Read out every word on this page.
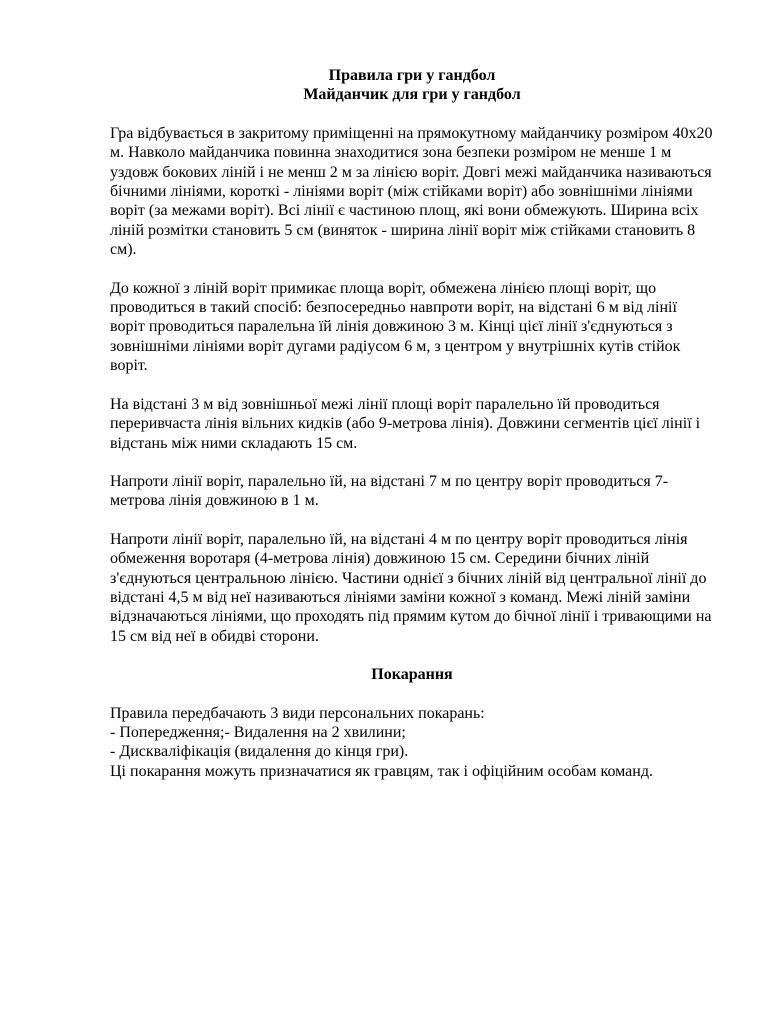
Правила гри у гандбол

Майданчик для гри у гандбол

Гра відбувається в закритому приміщенні на прямокутному майданчику розміром 40х20 м. Навколо майданчика повинна знаходитися зона безпеки розміром не менше 1 м уздовж бокових ліній і не менш 2 м за лінією воріт. Довгі межі майданчика називаються бічними лініями, короткі - лініями воріт (між стійками воріт) або зовнішніми лініями воріт (за межами воріт). Всі лінії є частиною площ, які вони обмежують. Ширина всіх ліній розмітки становить 5 см (виняток - ширина лінії воріт між стійками становить 8 см).

До кожної з ліній воріт примикає площа воріт, обмежена лінією площі воріт, що проводиться в такий спосіб: безпосередньо навпроти воріт, на відстані 6 м від лінії воріт проводиться паралельна їй лінія довжиною 3 м. Кінці цієї лінії з'єднуються з зовнішніми лініями воріт дугами радіусом 6 м, з центром у внутрішніх кутів стійок воріт.

На відстані 3 м від зовнішньої межі лінії площі воріт паралельно їй проводиться переривчаста лінія вільних кидків (або 9-метрова лінія). Довжини сегментів цієї лінії і відстань між ними складають 15 см.

Напроти лінії воріт, паралельно їй, на відстані 7 м по центру воріт проводиться 7-метрова лінія довжиною в 1 м.

Напроти лінії воріт, паралельно їй, на відстані 4 м по центру воріт проводиться лінія обмеження воротаря (4-метрова лінія) довжиною 15 см. Середини бічних ліній з'єднуються центральною лінією. Частини однієї з бічних ліній від центральної лінії до відстані 4,5 м від неї називаються лініями заміни кожної з команд. Межі ліній заміни відзначаються лініями, що проходять під прямим кутом до бічної лінії і тривающими на 15 см від неї в обидві сторони.

Покарання

Правила передбачають 3 види персональних покарань:
- Попередження;- Видалення на 2 хвилини;
- Дискваліфікація (видалення до кінця гри).
Ці покарання можуть призначатися як гравцям, так і офіційним особам команд.
